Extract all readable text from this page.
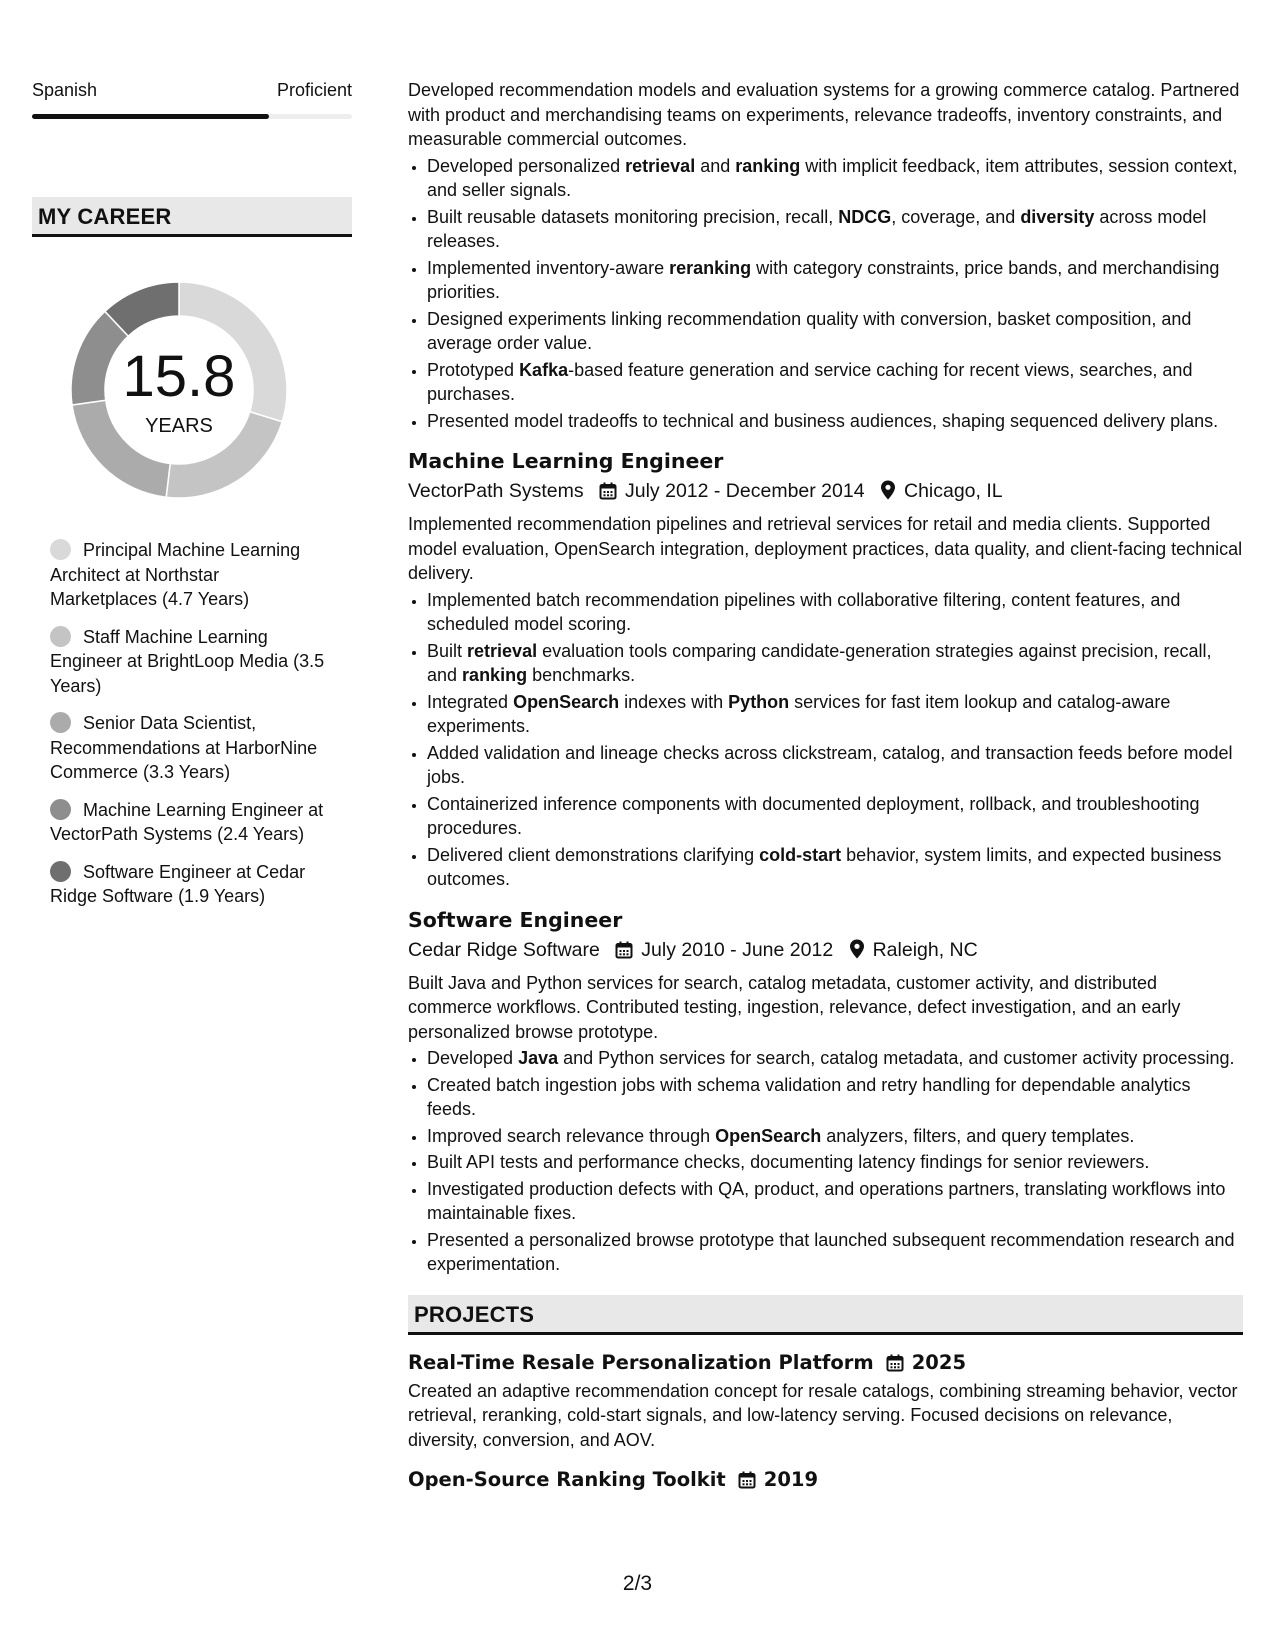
Spanish	Proficient
MY CAREER
15.8
YEARS
Principal Machine Learning Architect at Northstar Marketplaces (4.7 Years)
Staff Machine Learning Engineer at BrightLoop Media (3.5 Years)
Senior Data Scientist, Recommendations at HarborNine Commerce (3.3 Years)
Machine Learning Engineer at VectorPath Systems (2.4 Years)
Software Engineer at Cedar Ridge Software (1.9 Years)
Developed recommendation models and evaluation systems for a growing commerce catalog. Partnered with product and merchandising teams on experiments, relevance tradeoffs, inventory constraints, and measurable commercial outcomes.
• Developed personalized retrieval and ranking with implicit feedback, item attributes, session context, and seller signals.
• Built reusable datasets monitoring precision, recall, NDCG, coverage, and diversity across model releases.
• Implemented inventory-aware reranking with category constraints, price bands, and merchandising priorities.
• Designed experiments linking recommendation quality with conversion, basket composition, and average order value.
• Prototyped Kafka-based feature generation and service caching for recent views, searches, and purchases.
• Presented model tradeoffs to technical and business audiences, shaping sequenced delivery plans.
Machine Learning Engineer
VectorPath Systems July 2012 - December 2014 Chicago, IL
Implemented recommendation pipelines and retrieval services for retail and media clients. Supported model evaluation, OpenSearch integration, deployment practices, data quality, and client-facing technical delivery.
• Implemented batch recommendation pipelines with collaborative filtering, content features, and scheduled model scoring.
• Built retrieval evaluation tools comparing candidate-generation strategies against precision, recall, and ranking benchmarks.
• Integrated OpenSearch indexes with Python services for fast item lookup and catalog-aware experiments.
• Added validation and lineage checks across clickstream, catalog, and transaction feeds before model jobs.
• Containerized inference components with documented deployment, rollback, and troubleshooting procedures.
• Delivered client demonstrations clarifying cold-start behavior, system limits, and expected business outcomes.
Software Engineer
Cedar Ridge Software July 2010 - June 2012 Raleigh, NC
Built Java and Python services for search, catalog metadata, customer activity, and distributed commerce workflows. Contributed testing, ingestion, relevance, defect investigation, and an early personalized browse prototype.
• Developed Java and Python services for search, catalog metadata, and customer activity processing.
• Created batch ingestion jobs with schema validation and retry handling for dependable analytics feeds.
• Improved search relevance through OpenSearch analyzers, filters, and query templates.
• Built API tests and performance checks, documenting latency findings for senior reviewers.
• Investigated production defects with QA, product, and operations partners, translating workflows into maintainable fixes.
• Presented a personalized browse prototype that launched subsequent recommendation research and experimentation.
PROJECTS
Real-Time Resale Personalization Platform 2025
Created an adaptive recommendation concept for resale catalogs, combining streaming behavior, vector retrieval, reranking, cold-start signals, and low-latency serving. Focused decisions on relevance, diversity, conversion, and AOV.
Open-Source Ranking Toolkit 2019
2/3
